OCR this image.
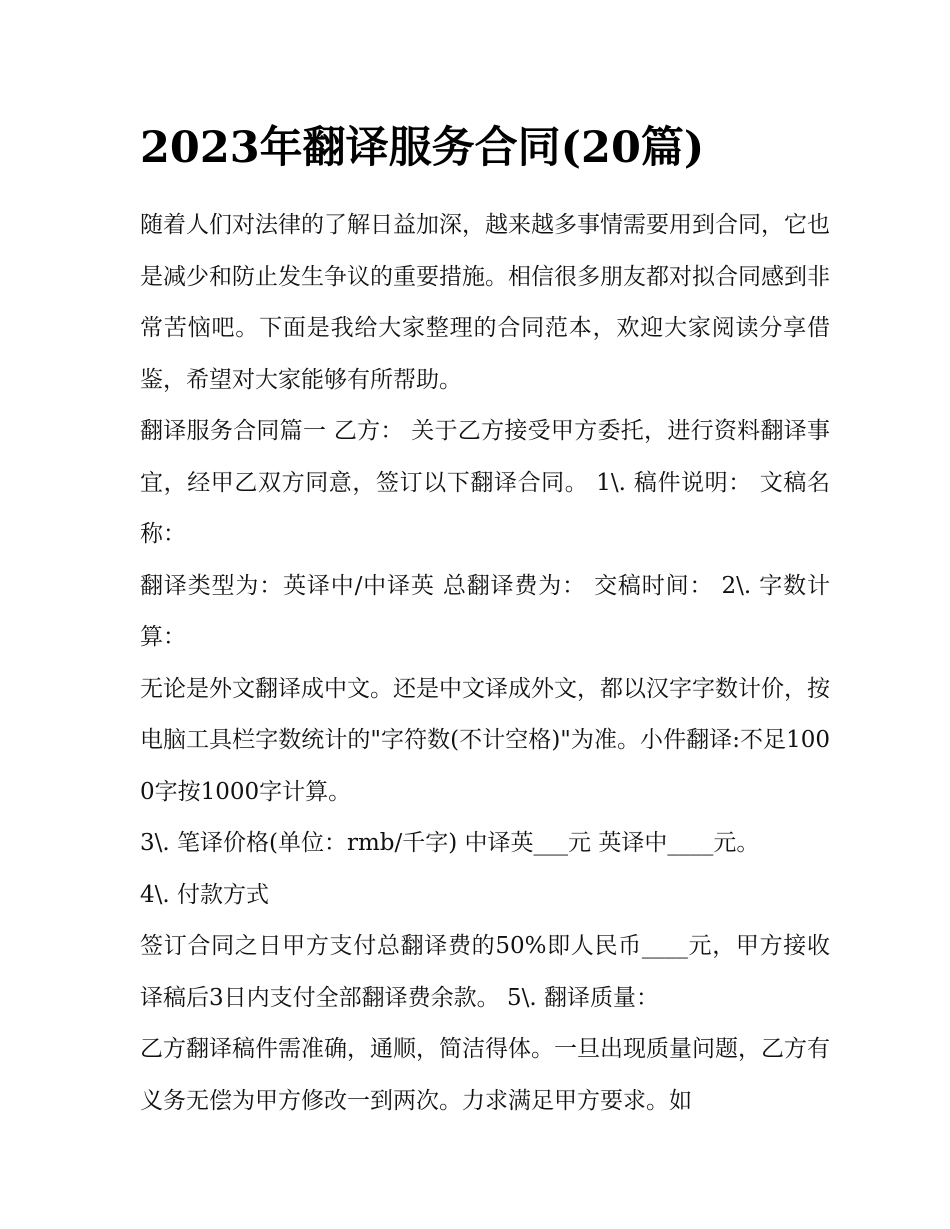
2023年翻译服务合同(20篇)

随着人们对法律的了解日益加深，越来越多事情需要用到合同，它也是减少和防止发生争议的重要措施。相信很多朋友都对拟合同感到非常苦恼吧。下面是我给大家整理的合同范本，欢迎大家阅读分享借鉴，希望对大家能够有所帮助。

翻译服务合同篇一 乙方： 关于乙方接受甲方委托，进行资料翻译事宜，经甲乙双方同意，签订以下翻译合同。 1\. 稿件说明： 文稿名称：

翻译类型为：英译中/中译英 总翻译费为： 交稿时间： 2\. 字数计算：

无论是外文翻译成中文。还是中文译成外文，都以汉字字数计价，按电脑工具栏字数统计的"字符数(不计空格)"为准。小件翻译:不足1000字按1000字计算。

3\. 笔译价格(单位：rmb/千字) 中译英___元 英译中____元。

4\. 付款方式

签订合同之日甲方支付总翻译费的50%即人民币____元，甲方接收译稿后3日内支付全部翻译费余款。 5\. 翻译质量：

乙方翻译稿件需准确，通顺，简洁得体。一旦出现质量问题，乙方有义务无偿为甲方修改一到两次。力求满足甲方要求。如
